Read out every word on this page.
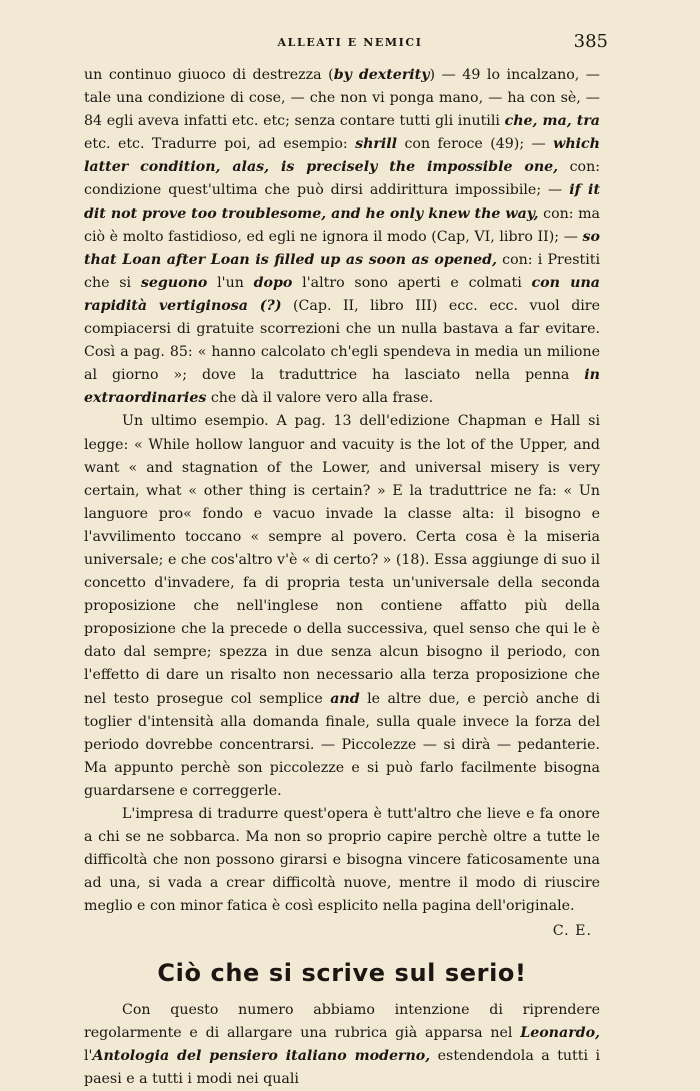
ALLEATI E NEMICI	385

un continuo giuoco di destrezza (by dexterity) — 49 lo incalzano, — tale una condizione di cose, — che non vi ponga mano, — ha con sè, — 84 egli aveva infatti etc. etc; senza contare tutti gli inutili che, ma, tra etc. etc. Tradurre poi, ad esempio: shrill con feroce (49); — which latter condition, alas, is precisely the impossible one, con: condizione quest'ultima che può dirsi addirittura impossibile; — if it dit not prove too troublesome, and he only knew the way, con: ma ciò è molto fastidioso, ed egli ne ignora il modo (Cap, VI, libro II); — so that Loan after Loan is filled up as soon as opened, con: i Prestiti che si seguono l'un dopo l'altro sono aperti e colmati con una rapidità vertiginosa (?) (Cap. II, libro III) ecc. ecc. vuol dire compiacersi di gratuite scorrezioni che un nulla bastava a far evitare. Così a pag. 85: « hanno calcolato ch'egli spendeva in media un milione al giorno »; dove la traduttrice ha lasciato nella penna in extraordinaries che dà il valore vero alla frase.

Un ultimo esempio. A pag. 13 dell'edizione Chapman e Hall si legge: « While hollow languor and vacuity is the lot of the Upper, and want « and stagnation of the Lower, and universal misery is very certain, what « other thing is certain? » E la traduttrice ne fa: « Un languore pro« fondo e vacuo invade la classe alta: il bisogno e l'avvilimento toccano « sempre al povero. Certa cosa è la miseria universale; e che cos'altro v'è « di certo? » (18). Essa aggiunge di suo il concetto d'invadere, fa di propria testa un'universale della seconda proposizione che nell'inglese non contiene affatto più della proposizione che la precede o della successiva, quel senso che qui le è dato dal sempre; spezza in due senza alcun bisogno il periodo, con l'effetto di dare un risalto non necessario alla terza proposizione che nel testo prosegue col semplice and le altre due, e perciò anche di toglier d'intensità alla domanda finale, sulla quale invece la forza del periodo dovrebbe concentrarsi. — Piccolezze — si dirà — pedanterie. Ma appunto perchè son piccolezze e si può farlo facilmente bisogna guardarsene e correggerle.

L'impresa di tradurre quest'opera è tutt'altro che lieve e fa onore a chi se ne sobbarca. Ma non so proprio capire perchè oltre a tutte le difficoltà che non possono girarsi e bisogna vincere faticosamente una ad una, si vada a crear difficoltà nuove, mentre il modo di riuscire meglio e con minor fatica è così esplicito nella pagina dell'originale.

C. E.
Ciò che si scrive sul serio!

Con questo numero abbiamo intenzione di riprendere regolarmente e di allargare una rubrica già apparsa nel Leonardo, l'Antologia del pensiero italiano moderno, estendendola a tutti i paesi e a tutti i modi nei quali
